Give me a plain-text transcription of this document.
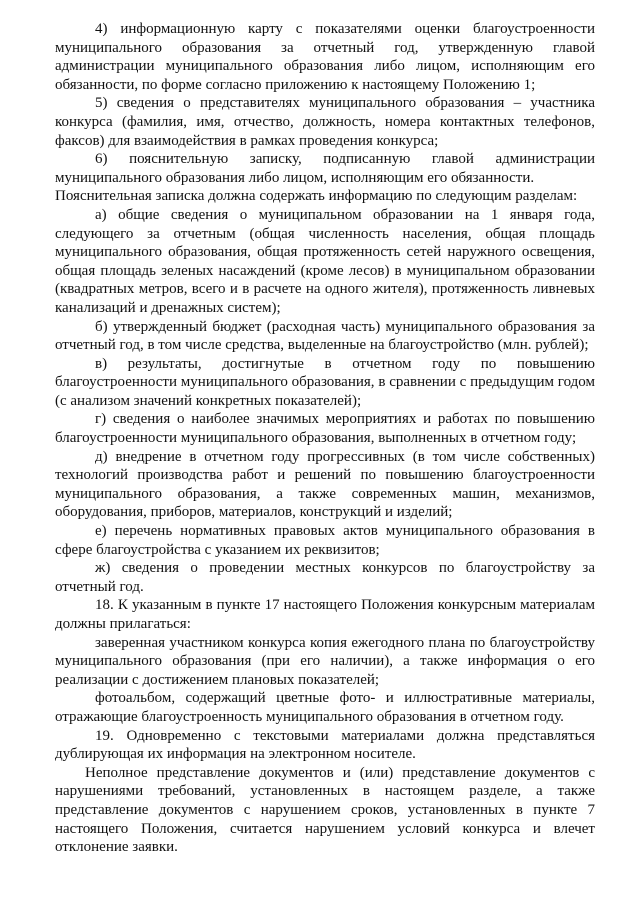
4) информационную карту с показателями оценки благоустроенности муниципального образования за отчетный год, утвержденную главой администрации муниципального образования либо лицом, исполняющим его обязанности, по форме согласно приложению к настоящему Положению 1;

5) сведения о представителях муниципального образования – участника конкурса (фамилия, имя, отчество, должность, номера контактных телефонов, факсов) для взаимодействия в рамках проведения конкурса;

6) пояснительную записку, подписанную главой администрации муниципального образования либо лицом, исполняющим его обязанности.

Пояснительная записка должна содержать информацию по следующим разделам:

а) общие сведения о муниципальном образовании на 1 января года, следующего за отчетным (общая численность населения, общая площадь муниципального образования, общая протяженность сетей наружного освещения, общая площадь зеленых насаждений (кроме лесов) в муниципальном образовании (квадратных метров, всего и в расчете на одного жителя), протяженность ливневых канализаций и дренажных систем);

б) утвержденный бюджет (расходная часть) муниципального образования за отчетный год, в том числе средства, выделенные на благоустройство (млн. рублей);

в) результаты, достигнутые в отчетном году по повышению благоустроенности муниципального образования, в сравнении с предыдущим годом (с анализом значений конкретных показателей);

г) сведения о наиболее значимых мероприятиях и работах по повышению благоустроенности муниципального образования, выполненных в отчетном году;

д) внедрение в отчетном году прогрессивных (в том числе собственных) технологий производства работ и решений по повышению благоустроенности муниципального образования, а также современных машин, механизмов, оборудования, приборов, материалов, конструкций и изделий;

е) перечень нормативных правовых актов муниципального образования в сфере благоустройства с указанием их реквизитов;

ж) сведения о проведении местных конкурсов по благоустройству за отчетный год.

18. К указанным в пункте 17 настоящего Положения конкурсным материалам должны прилагаться:

заверенная участником конкурса копия ежегодного плана по благоустройству муниципального образования (при его наличии), а также информация о его реализации с достижением плановых показателей;

фотоальбом, содержащий цветные фото- и иллюстративные материалы, отражающие благоустроенность муниципального образования в отчетном году.

19. Одновременно с текстовыми материалами должна представляться дублирующая их информация на электронном носителе.

Неполное представление документов и (или) представление документов с нарушениями требований, установленных в настоящем разделе, а также представление документов с нарушением сроков, установленных в пункте 7 настоящего Положения, считается нарушением условий конкурса и влечет отклонение заявки.
